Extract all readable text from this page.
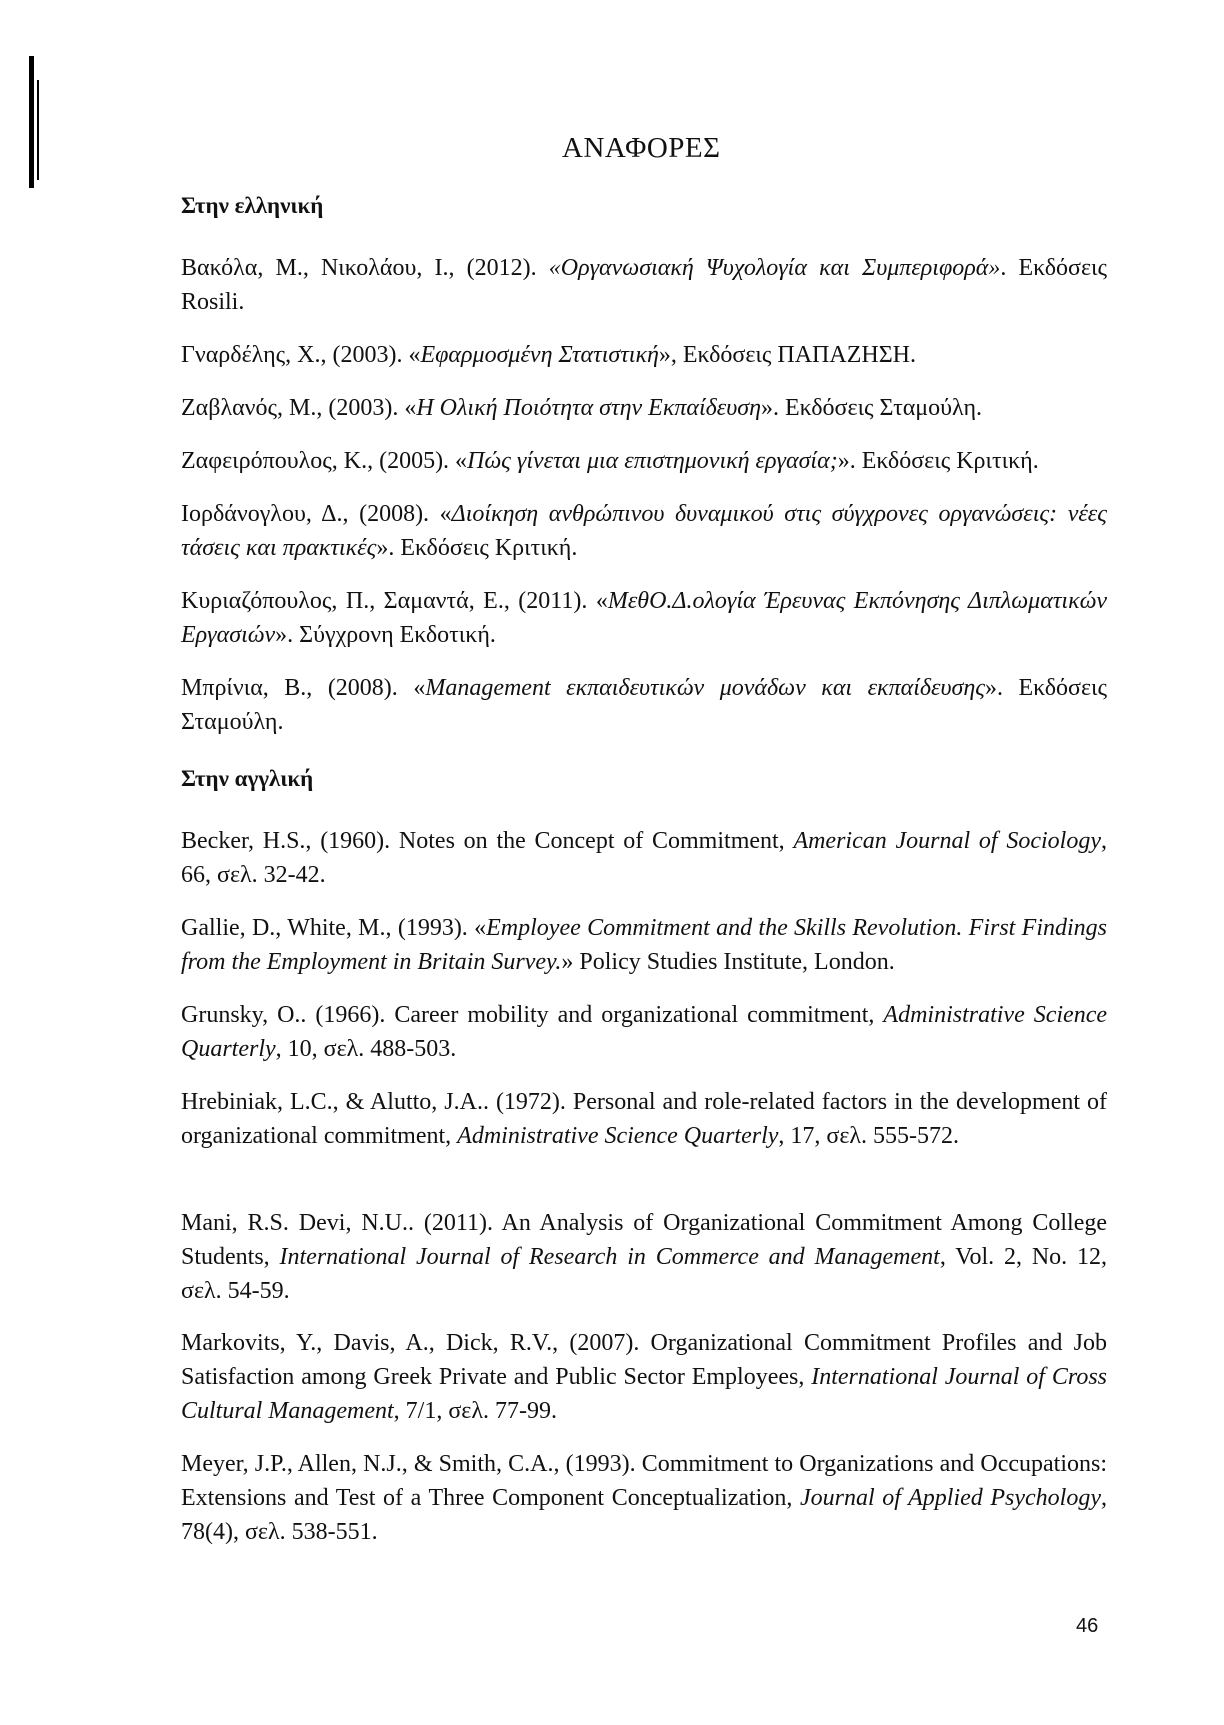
ΑΝΑΦΟΡΕΣ
Στην ελληνική
Βακόλα, Μ., Νικολάου, Ι., (2012). «Οργανωσιακή Ψυχολογία και Συμπεριφορά». Εκδόσεις Rosili.
Γναρδέλης, Χ., (2003). «Εφαρμοσμένη Στατιστική», Εκδόσεις ΠΑΠΑΖΗΣΗ.
Ζαβλανός, Μ., (2003). «Η Ολική Ποιότητα στην Εκπαίδευση». Εκδόσεις Σταμούλη.
Ζαφειρόπουλος, Κ., (2005). «Πώς γίνεται μια επιστημονική εργασία;». Εκδόσεις Κριτική.
Ιορδάνογλου, Δ., (2008). «Διοίκηση ανθρώπινου δυναμικού στις σύγχρονες οργανώσεις: νέες τάσεις και πρακτικές». Εκδόσεις Κριτική.
Κυριαζόπουλος, Π., Σαμαντά, Ε., (2011). «ΜεθΟ.Δ.ολογία Έρευνας Εκπόνησης Διπλωματικών Εργασιών». Σύγχρονη Εκδοτική.
Μπρίνια, Β., (2008). «Management εκπαιδευτικών μονάδων και εκπαίδευσης». Εκδόσεις Σταμούλη.
Στην αγγλική
Becker, H.S., (1960). Notes on the Concept of Commitment, American Journal of Sociology, 66, σελ. 32-42.
Gallie, D., White, M., (1993). «Employee Commitment and the Skills Revolution. First Findings from the Employment in Britain Survey.» Policy Studies Institute, London.
Grunsky, O.. (1966). Career mobility and organizational commitment, Administrative Science Quarterly, 10, σελ. 488-503.
Hrebiniak, L.C., & Alutto, J.A.. (1972). Personal and role-related factors in the development of organizational commitment, Administrative Science Quarterly, 17, σελ. 555-572.
Mani, R.S. Devi, N.U.. (2011). An Analysis of Organizational Commitment Among College Students, International Journal of Research in Commerce and Management, Vol. 2, No. 12, σελ. 54-59.
Markovits, Y., Davis, A., Dick, R.V., (2007). Organizational Commitment Profiles and Job Satisfaction among Greek Private and Public Sector Employees, International Journal of Cross Cultural Management, 7/1, σελ. 77-99.
Meyer, J.P., Allen, N.J., & Smith, C.A., (1993). Commitment to Organizations and Occupations: Extensions and Test of a Three Component Conceptualization, Journal of Applied Psychology, 78(4), σελ. 538-551.
46
